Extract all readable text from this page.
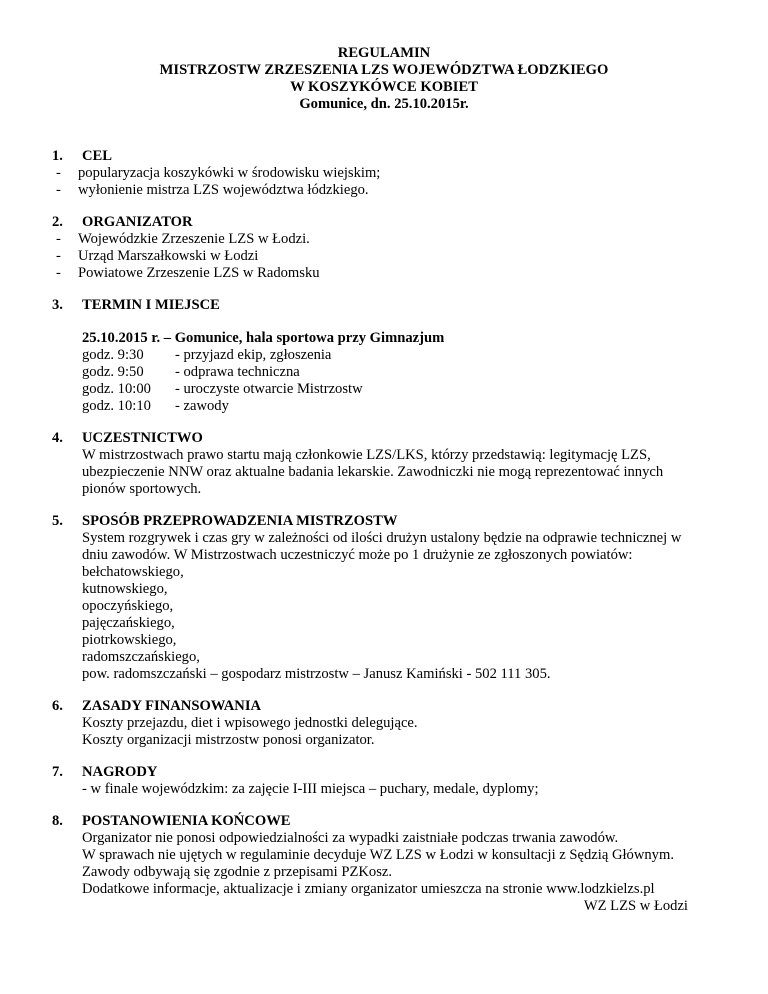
REGULAMIN
MISTRZOSTW ZRZESZENIA LZS WOJEWÓDZTWA ŁODZKIEGO
W KOSZYKÓWCE KOBIET
Gomunice, dn. 25.10.2015r.
1.	CEL
-	popularyzacja koszykówki w środowisku wiejskim;
-	wyłonienie mistrza LZS województwa łódzkiego.
2.	ORGANIZATOR
-	Wojewódzkie Zrzeszenie LZS w Łodzi.
-	Urząd Marszałkowski w Łodzi
-	Powiatowe Zrzeszenie LZS w Radomsku
3.	TERMIN I MIEJSCE
25.10.2015 r. – Gomunice, hala sportowa przy Gimnazjum
godz. 9:30	- przyjazd ekip, zgłoszenia
godz. 9:50	- odprawa techniczna
godz. 10:00	- uroczyste otwarcie Mistrzostw
godz. 10:10	- zawody
4.	UCZESTNICTWO
W mistrzostwach prawo startu mają członkowie LZS/LKS, którzy przedstawią: legitymację LZS,
ubezpieczenie NNW oraz aktualne badania lekarskie. Zawodniczki nie mogą reprezentować innych
pionów sportowych.
5.	SPOSÓB PRZEPROWADZENIA MISTRZOSTW
System rozgrywek i czas gry w zależności od ilości drużyn ustalony będzie na odprawie technicznej w
dniu zawodów. W Mistrzostwach uczestniczyć może po 1 drużynie ze zgłoszonych powiatów:
bełchatowskiego,
kutnowskiego,
opoczyńskiego,
pajęczańskiego,
piotrkowskiego,
radomszczańskiego,
pow. radomszczański – gospodarz mistrzostw – Janusz Kamiński - 502 111 305.
6.	ZASADY FINANSOWANIA
Koszty przejazdu, diet i wpisowego jednostki delegujące.
Koszty organizacji mistrzostw ponosi organizator.
7.	NAGRODY
- w finale wojewódzkim: za zajęcie I-III miejsca – puchary, medale, dyplomy;
8.	POSTANOWIENIA KOŃCOWE
Organizator nie ponosi odpowiedzialności za wypadki zaistniałe podczas trwania zawodów.
W sprawach nie ujętych w regulaminie decyduje WZ LZS w Łodzi w konsultacji z Sędzią Głównym.
Zawody odbywają się zgodnie z przepisami PZKosz.
Dodatkowe informacje, aktualizacje i zmiany organizator umieszcza na stronie www.lodzkielzs.pl
WZ LZS w Łodzi
